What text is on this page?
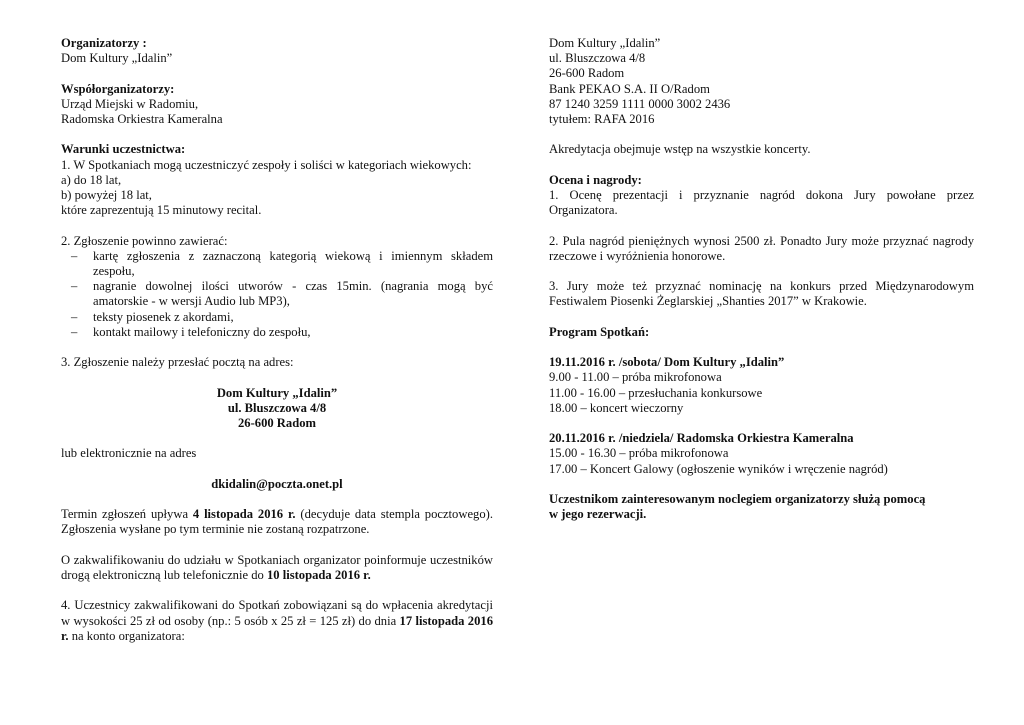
Organizatorzy :
Dom Kultury „Idalin”
Współorganizatorzy:
Urząd Miejski w Radomiu,
Radomska Orkiestra Kameralna
Warunki uczestnictwa:
1. W Spotkaniach mogą uczestniczyć zespoły i soliści w kategoriach wiekowych:
a) do 18 lat,
b) powyżej 18 lat,
które zaprezentują 15 minutowy recital.
2. Zgłoszenie powinno zawierać:
– kartę zgłoszenia z zaznaczoną kategorią wiekową i imiennym składem zespołu,
– nagranie dowolnej ilości utworów - czas 15min. (nagrania mogą być amatorskie - w wersji Audio lub MP3),
– teksty piosenek z akordami,
– kontakt mailowy i telefoniczny do zespołu,
3. Zgłoszenie należy przesłać pocztą na adres:
Dom Kultury „Idalin”
ul. Bluszczowa 4/8
26-600 Radom
lub elektronicznie na adres
dkidalin@poczta.onet.pl
Termin zgłoszeń upływa 4 listopada 2016 r. (decyduje data stempla pocztowego). Zgłoszenia wysłane po tym terminie nie zostaną rozpatrzone.
O zakwalifikowaniu do udziału w Spotkaniach organizator poinformuje uczestników drogą elektroniczną lub telefonicznie do 10 listopada 2016 r.
4. Uczestnicy zakwalifikowani do Spotkań zobowiązani są do wpłacenia akredytacji w wysokości 25 zł od osoby (np.: 5 osób x 25 zł = 125 zł) do dnia 17 listopada 2016 r. na konto organizatora:
Dom Kultury „Idalin”
ul. Bluszczowa 4/8
26-600 Radom
Bank PEKAO S.A. II O/Radom
87 1240 3259 1111 0000 3002 2436
tytułem: RAFA 2016
Akredytacja obejmuje wstęp na wszystkie koncerty.
Ocena i nagrody:
1. Ocenę prezentacji i przyznanie nagród dokona Jury powołane przez Organizatora.
2. Pula nagród pieniężnych wynosi 2500 zł. Ponadto Jury może przyznać nagrody rzeczowe i wyróżnienia honorowe.
3. Jury może też przyznać nominację na konkurs przed Międzynarodowym Festiwalem Piosenki Żeglarskiej „Shanties 2017” w Krakowie.
Program Spotkań:
19.11.2016 r. /sobota/ Dom Kultury „Idalin”
9.00 - 11.00 – próba mikrofonowa
11.00 - 16.00 – przesłuchania konkursowe
18.00 – koncert wieczorny
20.11.2016 r. /niedziela/ Radomska Orkiestra Kameralna
15.00 - 16.30 – próba mikrofonowa
17.00 – Koncert Galowy (ogłoszenie wyników i wręczenie nagród)
Uczestnikom zainteresowanym noclegiem organizatorzy służą pomocą
w jego rezerwacji.
